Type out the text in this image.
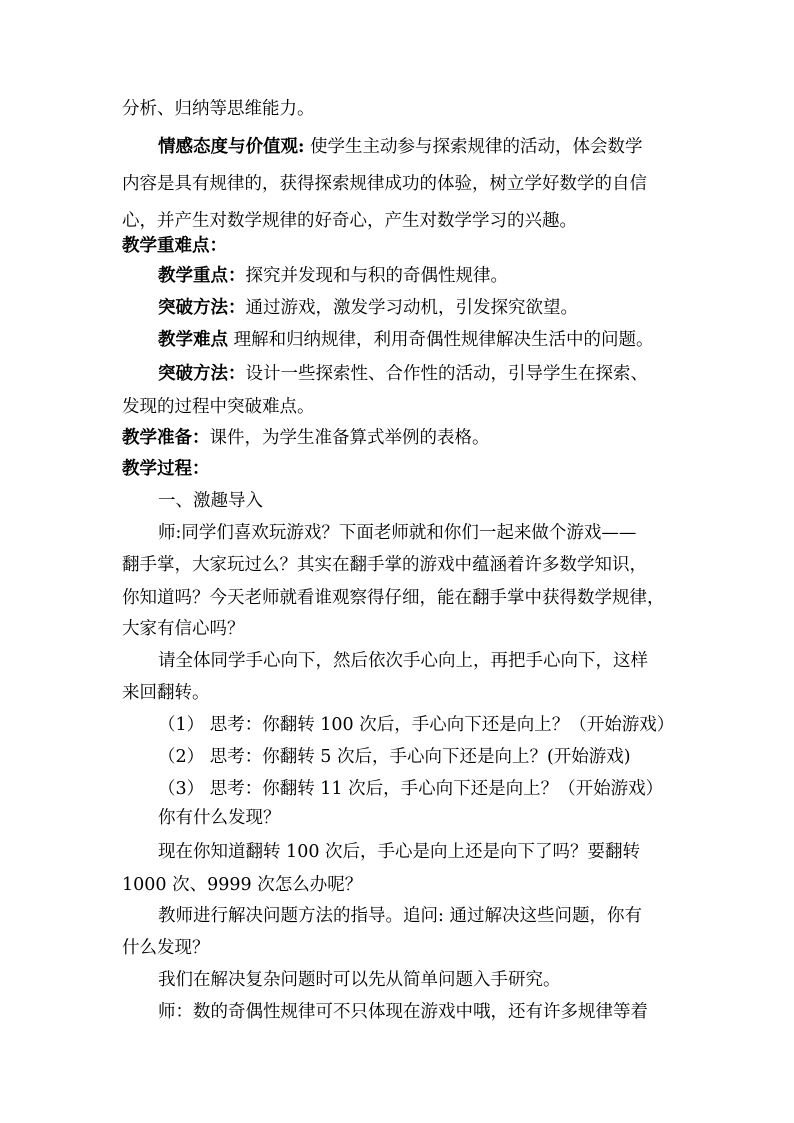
分析、归纳等思维能力。
情感态度与价值观: 使学生主动参与探索规律的活动，体会数学
内容是具有规律的，获得探索规律成功的体验，树立学好数学的自信
心，并产生对数学规律的好奇心，产生对数学学习的兴趣。
教学重难点：
教学重点：探究并发现和与积的奇偶性规律。
突破方法：通过游戏，激发学习动机，引发探究欲望。
教学难点 理解和归纳规律，利用奇偶性规律解决生活中的问题。
突破方法：设计一些探索性、合作性的活动，引导学生在探索、
发现的过程中突破难点。
教学准备：课件，为学生准备算式举例的表格。
教学过程：
一、激趣导入
师:同学们喜欢玩游戏？下面老师就和你们一起来做个游戏——
翻手掌，大家玩过么？其实在翻手掌的游戏中蕴涵着许多数学知识，
你知道吗？今天老师就看谁观察得仔细，能在翻手掌中获得数学规律，
大家有信心吗？
请全体同学手心向下，然后依次手心向上，再把手心向下，这样
来回翻转。
（1） 思考：你翻转 100 次后，手心向下还是向上？（开始游戏）
（2） 思考：你翻转 5 次后，手心向下还是向上？(开始游戏)
（3） 思考：你翻转 11 次后，手心向下还是向上？（开始游戏）
你有什么发现？
现在你知道翻转 100 次后，手心是向上还是向下了吗？要翻转
1000 次、9999 次怎么办呢？
教师进行解决问题方法的指导。追问: 通过解决这些问题，你有
什么发现？
我们在解决复杂问题时可以先从简单问题入手研究。
师：数的奇偶性规律可不只体现在游戏中哦，还有许多规律等着
